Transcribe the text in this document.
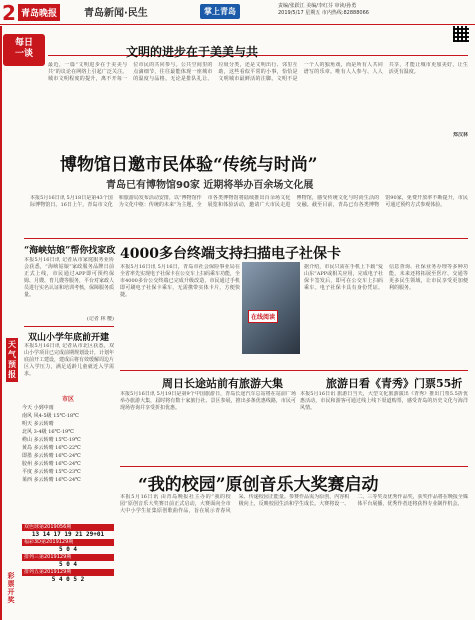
2 青岛晚报	青岛新闻·民生	掌上青岛
责编/张跃江 美编/李红芬 审读/孙勇
2019/5/17 星期五 市内热线:82888066
每日
一谈	文明的进步在于美美与共
最近，一篇“文明进步在于美美与共”的议论在网络上引起广泛关注。城市文明程度的提升，离不开每一位市民的共同参与。公共空间里的点滴细节，往往最能体现一座城市的温度与品格。无论是排队礼让、垃圾分类，还是文明出行、邻里互助，这些看似平常的小事，恰恰是文明城市最鲜活的注脚。文明不是一个人的独角戏，而是所有人共同谱写的乐章。唯有人人参与、人人共享，才能让城市更加美好，让生活更有温度。
郑汉林
博物馆日邀市民体验“传统与时尚”
青岛已有博物馆90家 近期将举办百余场文化展
本报5月16日讯 5月18日是第43个国际博物馆日。16日上午，青岛市文化和旅游局发布活动安排，以“博物馆作为文化中枢：传统的未来”为主题，全市各类博物馆将陆续推出百余场文化展览和体验活动，邀请广大市民走进博物馆，感受传统文化与时尚生活的交融。截至目前，青岛已有各类博物馆90家，免费开放率不断提升，市民可通过预约方式参观体验。
“海峡姑娘”帮你找家政
本报5月16日讯 记者从市家庭服务业协会获悉，“海峡姑娘”家政服务品牌日前正式上线，市民通过APP即可预约保姆、月嫂、育儿嫂等服务，平台对家政人员进行实名认证和培训考核，保障服务质量。
(记者 林 樱)
双山小学年底前开建
本报5月16日讯 记者从市北区获悉，双山小学项目已完成前期规划设计，计划年底前开工建设，建成后将有效缓解周边片区入学压力，满足适龄儿童就近入学需求。
天气预报
市区
今天 小到中雨
南风 风4-5级 15℃-18℃
明天 多云转晴
北风 3-4级 16℃-19℃
崂山 多云转晴 15℃-19℃
黄岛 多云转晴 16℃-22℃
即墨 多云转晴 16℃-24℃
胶州 多云转晴 16℃-24℃
平度 多云转晴 15℃-23℃
莱西 多云转晴 16℃-24℃
双色球第2019056期
13 14 17 19 21 29+01
福彩3D第2019129期
5 0 4
排列三第2019129期
5 0 4
排列五第2019129期
5 4 0 5 2
彩票开奖
4000多台终端支持扫描电子社保卡
本报5月16日讯 5月16日，青岛市社会保险事业局在全省率先实现电子社保卡在公交车上扫码乘车功能，全市4000多台公交终端已完成升级改造，市民通过手机即可刷电子社保卡乘车，无需携带实体卡片，方便快捷。
在线阅读
据介绍，市民只需在手机上下载“爱山东”APP或相关应用，完成电子社保卡签发后，即可在公交车上扫码乘车。电子社保卡具有身份凭证、信息查询、社保业务办理等多种功能，未来还将拓展至医疗、交通等更多民生领域，让市民享受更加便利的服务。
周日长途站前有旅游大集
本报5月16日讯 5月19日是第9个中国旅游日，青岛长途汽车总站将在站前广场举办旅游大集，届时将有数十家旅行社、景区参展，推出多条优惠线路，市民可现场咨询并享受折扣优惠。
旅游日看《青秀》门票55折
本报5月16日讯 旅游日当天，大型文化旅游演出《青秀》推出门票5.5折优惠活动，市民和游客可通过线上线下渠道购票，感受青岛的历史文化与海洋风情。
“我的校园”原创音乐大奖赛启动
本报5月16日讯 由青岛晚报社主办的“我的校园”原创音乐大奖赛日前正式启动，大赛面向全市大中小学生征集原创歌曲作品，旨在展示青春风采、传递校园正能量。参赛作品需为原创，内容积极向上，反映校园生活和学生成长。大赛将设一、二、三等奖及优秀作品奖，获奖作品将在晚报全媒体平台展播，优秀作者还将获得专业制作机会。
